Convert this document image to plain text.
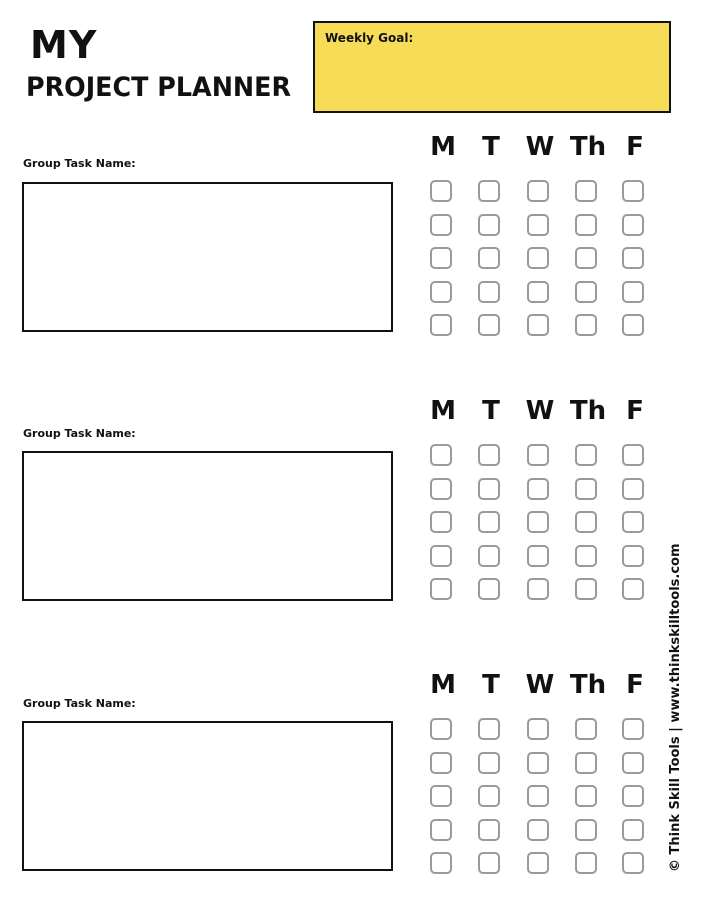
MY
PROJECT PLANNER
Weekly Goal:
Group Task Name:
M	T W Th F
Group Task Name:
M	T W Th F
Group Task Name:
M	T W Th F	© Think Skill Tools | www.thinkskilltools.com
